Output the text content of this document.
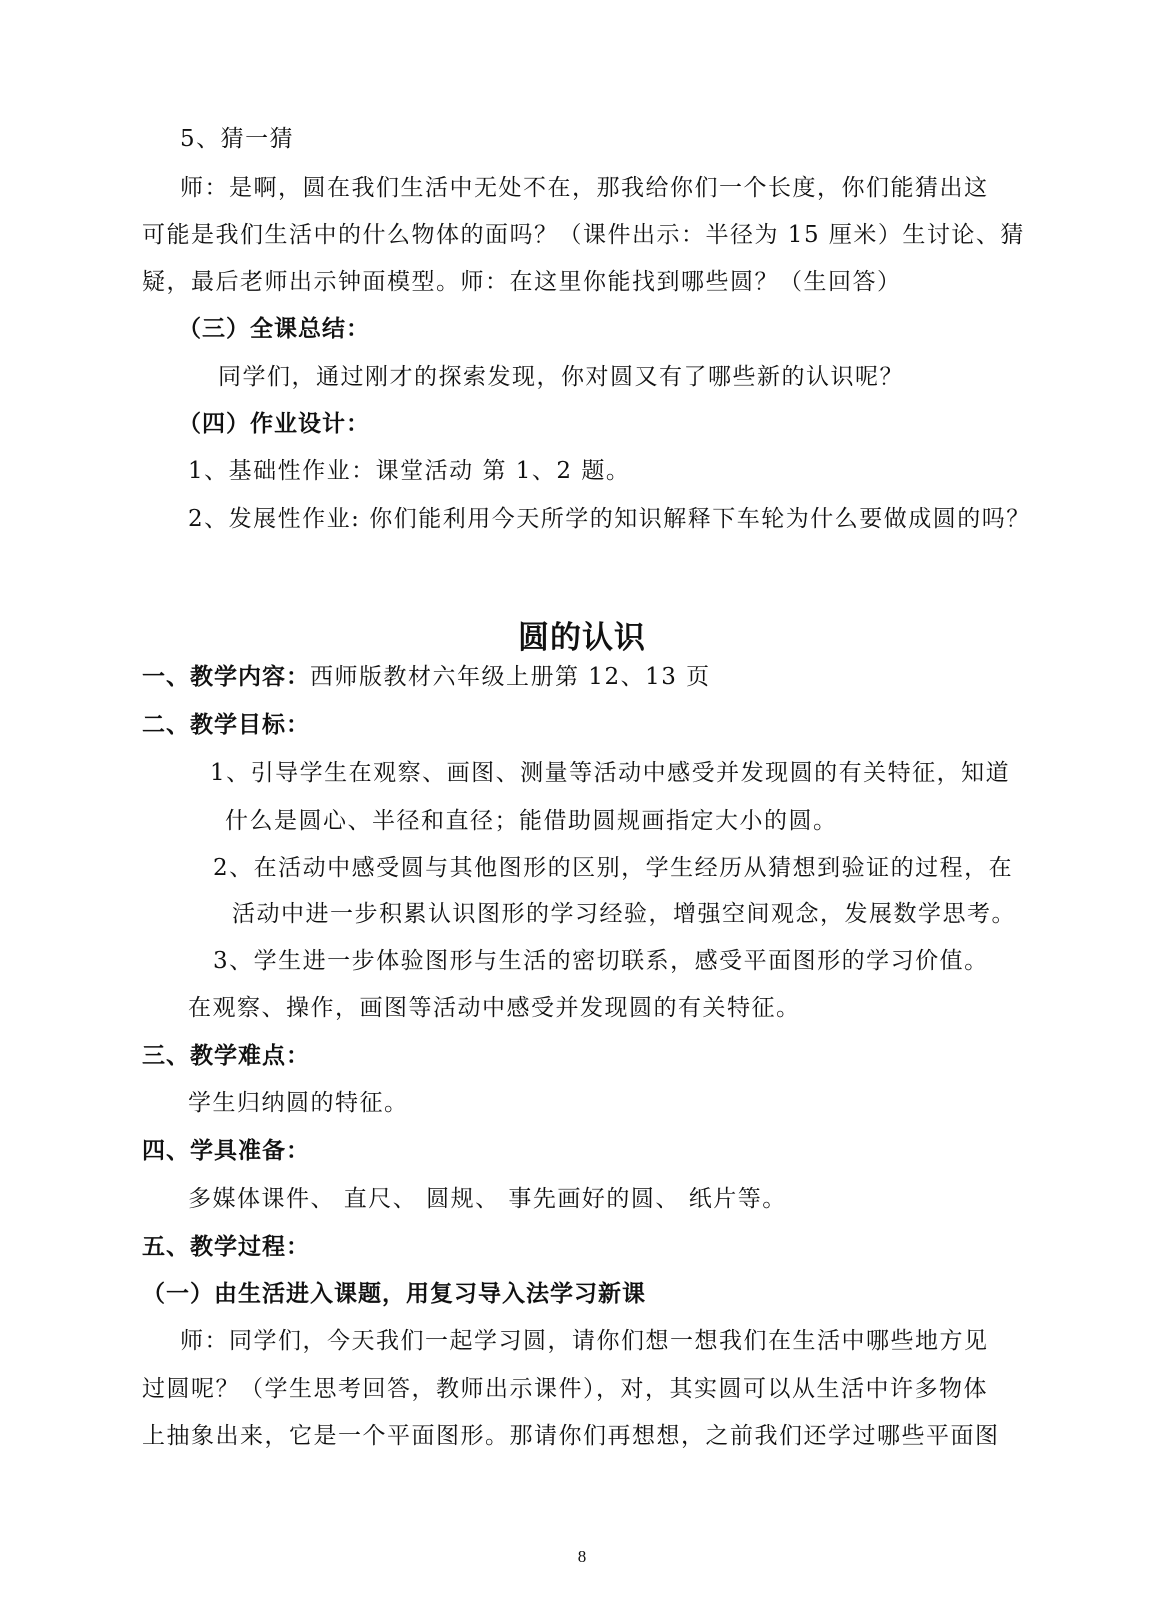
5、猜一猜
师：是啊，圆在我们生活中无处不在，那我给你们一个长度，你们能猜出这
可能是我们生活中的什么物体的面吗？（课件出示：半径为 15 厘米）生讨论、猜
疑，最后老师出示钟面模型。师：在这里你能找到哪些圆？（生回答）
（三）全课总结：
同学们，通过刚才的探索发现，你对圆又有了哪些新的认识呢？
（四）作业设计：
1、基础性作业：课堂活动 第 1、2 题。
2、发展性作业: 你们能利用今天所学的知识解释下车轮为什么要做成圆的吗？
圆的认识
一、教学内容：西师版教材六年级上册第 12、13 页
二、教学目标：
1、引导学生在观察、画图、测量等活动中感受并发现圆的有关特征，知道
什么是圆心、半径和直径；能借助圆规画指定大小的圆。
2、在活动中感受圆与其他图形的区别，学生经历从猜想到验证的过程，在
活动中进一步积累认识图形的学习经验，增强空间观念，发展数学思考。
3、学生进一步体验图形与生活的密切联系，感受平面图形的学习价值。
在观察、操作，画图等活动中感受并发现圆的有关特征。
三、教学难点：
学生归纳圆的特征。
四、学具准备：
多媒体课件、 直尺、 圆规、 事先画好的圆、 纸片等。
五、教学过程：
（一）由生活进入课题，用复习导入法学习新课
师：同学们，今天我们一起学习圆，请你们想一想我们在生活中哪些地方见
过圆呢？（学生思考回答，教师出示课件），对，其实圆可以从生活中许多物体
上抽象出来，它是一个平面图形。那请你们再想想，之前我们还学过哪些平面图
8
